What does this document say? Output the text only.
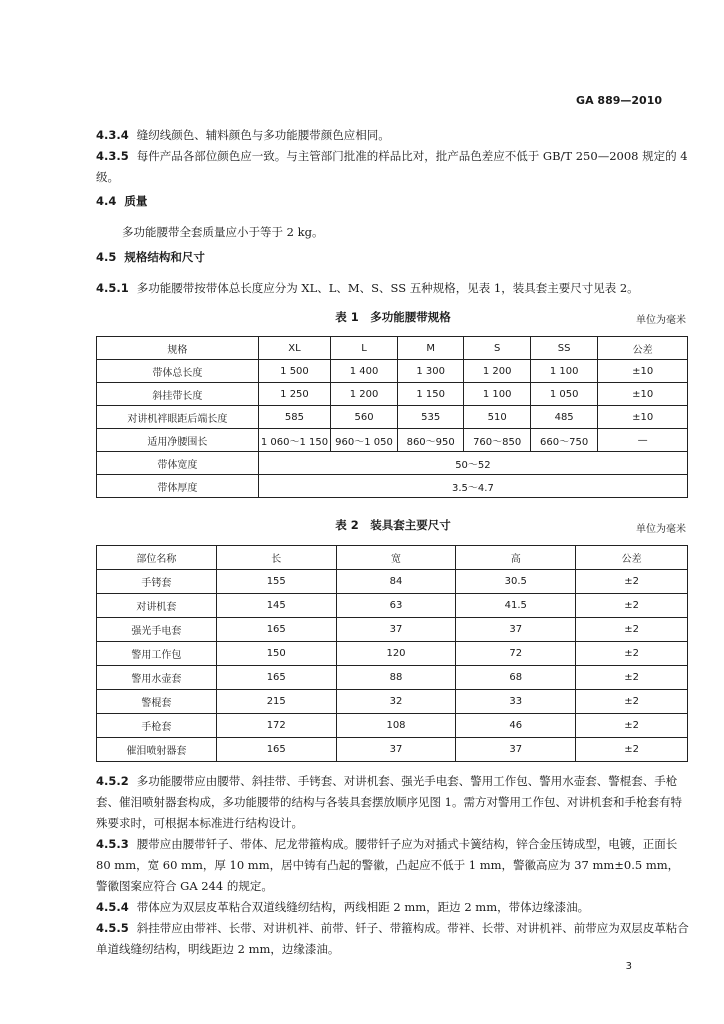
GA 889—2010
4.3.4 缝纫线颜色、辅料颜色与多功能腰带颜色应相同。
4.3.5 每件产品各部位颜色应一致。与主管部门批准的样品比对，批产品色差应不低于 GB/T 250—2008 规定的 4 级。
4.4 质量
多功能腰带全套质量应小于等于 2 kg。
4.5 规格结构和尺寸
4.5.1 多功能腰带按带体总长度应分为 XL、L、M、S、SS 五种规格，见表 1，装具套主要尺寸见表 2。
表 1　多功能腰带规格	单位为毫米
规格	XL	L	M	S	SS	公差
带体总长度	1 500	1 400	1 300	1 200	1 100	±10
斜挂带长度	1 250	1 200	1 150	1 100	1 050	±10
对讲机袢眼距后端长度	585	560	535	510	485	±10
适用净腰围长	1 060～1 150	960～1 050	860～950	760～850	660～750	—
带体宽度	50～52					
带体厚度	3.5～4.7					
表 2　装具套主要尺寸	单位为毫米
部位名称	长	宽	高	公差
手铐套	155	84	30.5	±2
对讲机套	145	63	41.5	±2
强光手电套	165	37	37	±2
警用工作包	150	120	72	±2
警用水壶套	165	88	68	±2
警棍套	215	32	33	±2
手枪套	172	108	46	±2
催泪喷射器套	165	37	37	±2
4.5.2 多功能腰带应由腰带、斜挂带、手铐套、对讲机套、强光手电套、警用工作包、警用水壶套、警棍套、手枪套、催泪喷射器套构成，多功能腰带的结构与各装具套摆放顺序见图 1。需方对警用工作包、对讲机套和手枪套有特殊要求时，可根据本标准进行结构设计。
4.5.3 腰带应由腰带钎子、带体、尼龙带箍构成。腰带钎子应为对插式卡簧结构，锌合金压铸成型，电镀，正面长 80 mm，宽 60 mm，厚 10 mm，居中铸有凸起的警徽，凸起应不低于 1 mm，警徽高应为 37 mm±0.5 mm，警徽图案应符合 GA 244 的规定。
4.5.4 带体应为双层皮革粘合双道线缝纫结构，两线相距 2 mm，距边 2 mm，带体边缘漆油。
4.5.5 斜挂带应由带袢、长带、对讲机袢、前带、钎子、带箍构成。带袢、长带、对讲机袢、前带应为双层皮革粘合单道线缝纫结构，明线距边 2 mm，边缘漆油。
3
